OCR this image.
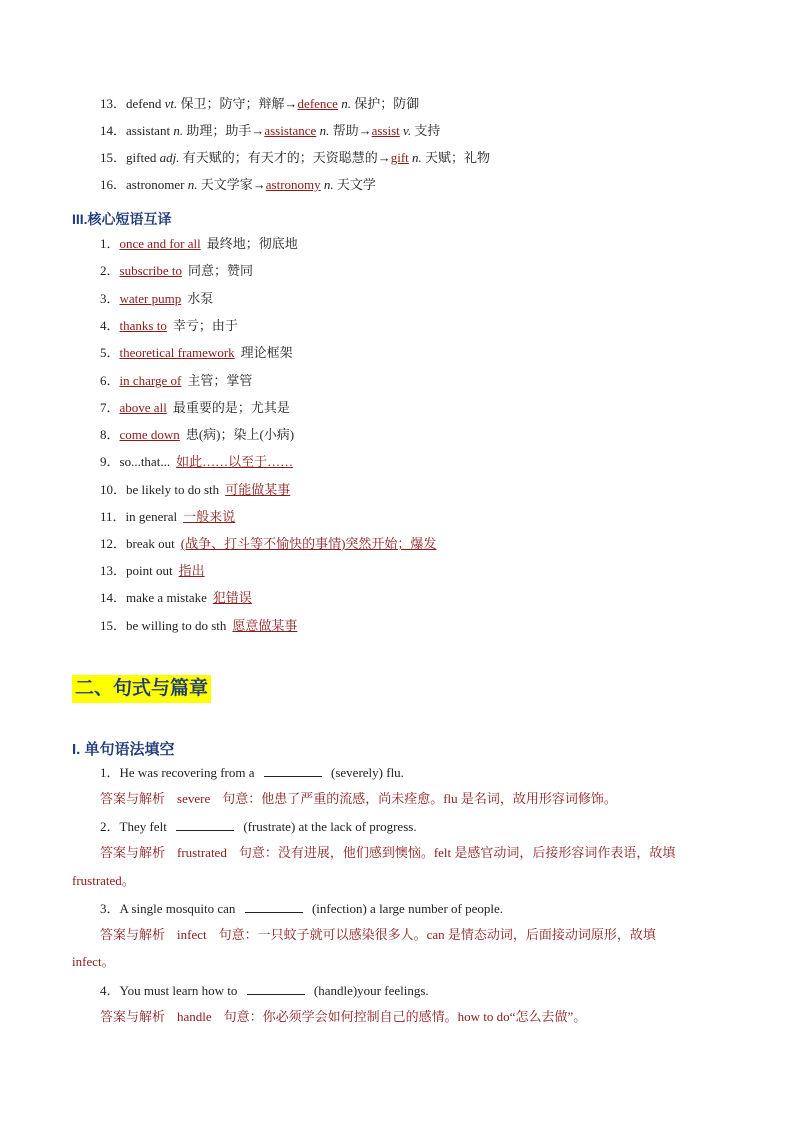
13．defend vt. 保卫；防守；辩解→defence n. 保护；防御
14．assistant n. 助理；助手→assistance n. 帮助→assist v. 支持
15．gifted adj. 有天赋的；有天才的；天资聪慧的→gift n. 天赋；礼物
16．astronomer n. 天文学家→astronomy n. 天文学
III.核心短语互译
1．once and for all 最终地；彻底地
2．subscribe to 同意；赞同
3．water pump 水泵
4．thanks to 幸亏；由于
5．theoretical framework 理论框架
6．in charge of 主管；掌管
7．above all 最重要的是；尤其是
8．come down 患(病)；染上(小病)
9．so...that... 如此……以至于……
10．be likely to do sth 可能做某事
11．in general 一般来说
12．break out (战争、打斗等不愉快的事情)突然开始；爆发
13．point out 指出
14．make a mistake 犯错误
15．be willing to do sth 愿意做某事
二、句式与篇章
I. 单句语法填空
1．He was recovering from a	(severely) flu.
答案与解析 severe 句意：他患了严重的流感，尚未痊愈。flu 是名词，故用形容词修饰。
2．They felt	(frustrate) at the lack of progress.
答案与解析 frustrated 句意：没有进展，他们感到懊恼。felt 是感官动词，后接形容词作表语，故填
frustrated。
3．A single mosquito can	(infection) a large number of people.
答案与解析 infect 句意：一只蚊子就可以感染很多人。can 是情态动词，后面接动词原形，故填
infect。
4．You must learn how to	(handle)your feelings.
答案与解析 handle 句意：你必须学会如何控制自己的感情。how to do“怎么去做”。
